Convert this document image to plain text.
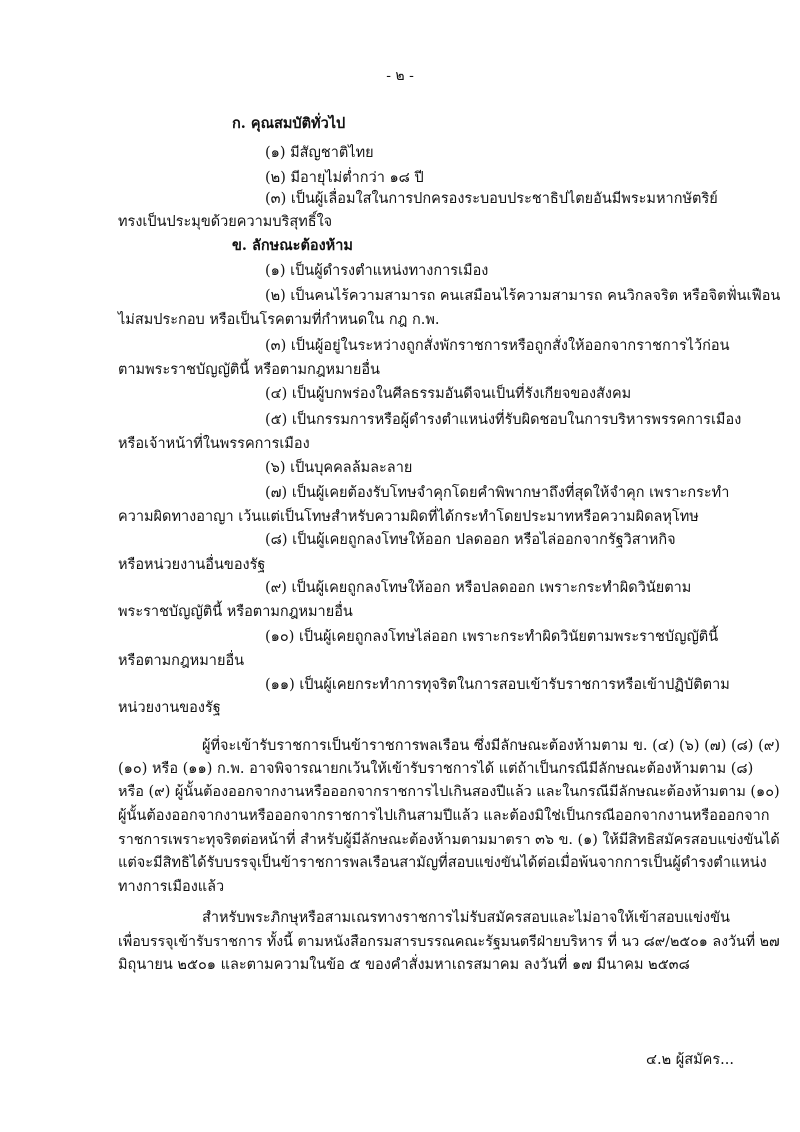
- ๒ -
ก. คุณสมบัติทั่วไป
(๑) มีสัญชาติไทย
(๒) มีอายุไม่ต่ำกว่า ๑๘ ปี
(๓) เป็นผู้เลื่อมใสในการปกครองระบอบประชาธิปไตยอันมีพระมหากษัตริย์
ทรงเป็นประมุขด้วยความบริสุทธิ์ใจ
ข. ลักษณะต้องห้าม
(๑) เป็นผู้ดำรงตำแหน่งทางการเมือง
(๒) เป็นคนไร้ความสามารถ คนเสมือนไร้ความสามารถ คนวิกลจริต หรือจิตฟั่นเฟือน
ไม่สมประกอบ หรือเป็นโรคตามที่กำหนดใน กฎ ก.พ.
(๓) เป็นผู้อยู่ในระหว่างถูกสั่งพักราชการหรือถูกสั่งให้ออกจากราชการไว้ก่อน
ตามพระราชบัญญัตินี้ หรือตามกฎหมายอื่น
(๔) เป็นผู้บกพร่องในศีลธรรมอันดีจนเป็นที่รังเกียจของสังคม
(๕) เป็นกรรมการหรือผู้ดำรงตำแหน่งที่รับผิดชอบในการบริหารพรรคการเมือง
หรือเจ้าหน้าที่ในพรรคการเมือง
(๖) เป็นบุคคลล้มละลาย
(๗) เป็นผู้เคยต้องรับโทษจำคุกโดยคำพิพากษาถึงที่สุดให้จำคุก เพราะกระทำ
ความผิดทางอาญา เว้นแต่เป็นโทษสำหรับความผิดที่ได้กระทำโดยประมาทหรือความผิดลหุโทษ
(๘) เป็นผู้เคยถูกลงโทษให้ออก ปลดออก หรือไล่ออกจากรัฐวิสาหกิจ
หรือหน่วยงานอื่นของรัฐ
(๙) เป็นผู้เคยถูกลงโทษให้ออก หรือปลดออก เพราะกระทำผิดวินัยตาม
พระราชบัญญัตินี้ หรือตามกฎหมายอื่น
(๑๐) เป็นผู้เคยถูกลงโทษไล่ออก เพราะกระทำผิดวินัยตามพระราชบัญญัตินี้
หรือตามกฎหมายอื่น
(๑๑) เป็นผู้เคยกระทำการทุจริตในการสอบเข้ารับราชการหรือเข้าปฏิบัติตาม
หน่วยงานของรัฐ
ผู้ที่จะเข้ารับราชการเป็นข้าราชการพลเรือน ซึ่งมีลักษณะต้องห้ามตาม ข. (๔) (๖) (๗) (๘) (๙)
(๑๐) หรือ (๑๑) ก.พ. อาจพิจารณายกเว้นให้เข้ารับราชการได้ แต่ถ้าเป็นกรณีมีลักษณะต้องห้ามตาม (๘)
หรือ (๙) ผู้นั้นต้องออกจากงานหรือออกจากราชการไปเกินสองปีแล้ว และในกรณีมีลักษณะต้องห้ามตาม (๑๐)
ผู้นั้นต้องออกจากงานหรือออกจากราชการไปเกินสามปีแล้ว และต้องมิใช่เป็นกรณีออกจากงานหรือออกจาก
ราชการเพราะทุจริตต่อหน้าที่ สำหรับผู้มีลักษณะต้องห้ามตามมาตรา ๓๖ ข. (๑) ให้มีสิทธิสมัครสอบแข่งขันได้
แต่จะมีสิทธิได้รับบรรจุเป็นข้าราชการพลเรือนสามัญที่สอบแข่งขันได้ต่อเมื่อพ้นจากการเป็นผู้ดำรงตำแหน่ง
ทางการเมืองแล้ว
สำหรับพระภิกษุหรือสามเณรทางราชการไม่รับสมัครสอบและไม่อาจให้เข้าสอบแข่งขัน
เพื่อบรรจุเข้ารับราชการ ทั้งนี้ ตามหนังสือกรมสารบรรณคณะรัฐมนตรีฝ่ายบริหาร ที่ นว ๘๙/๒๕๐๑ ลงวันที่ ๒๗
มิถุนายน ๒๕๐๑ และตามความในข้อ ๕ ของคำสั่งมหาเถรสมาคม ลงวันที่ ๑๗ มีนาคม ๒๕๓๘
๔.๒ ผู้สมัคร...
